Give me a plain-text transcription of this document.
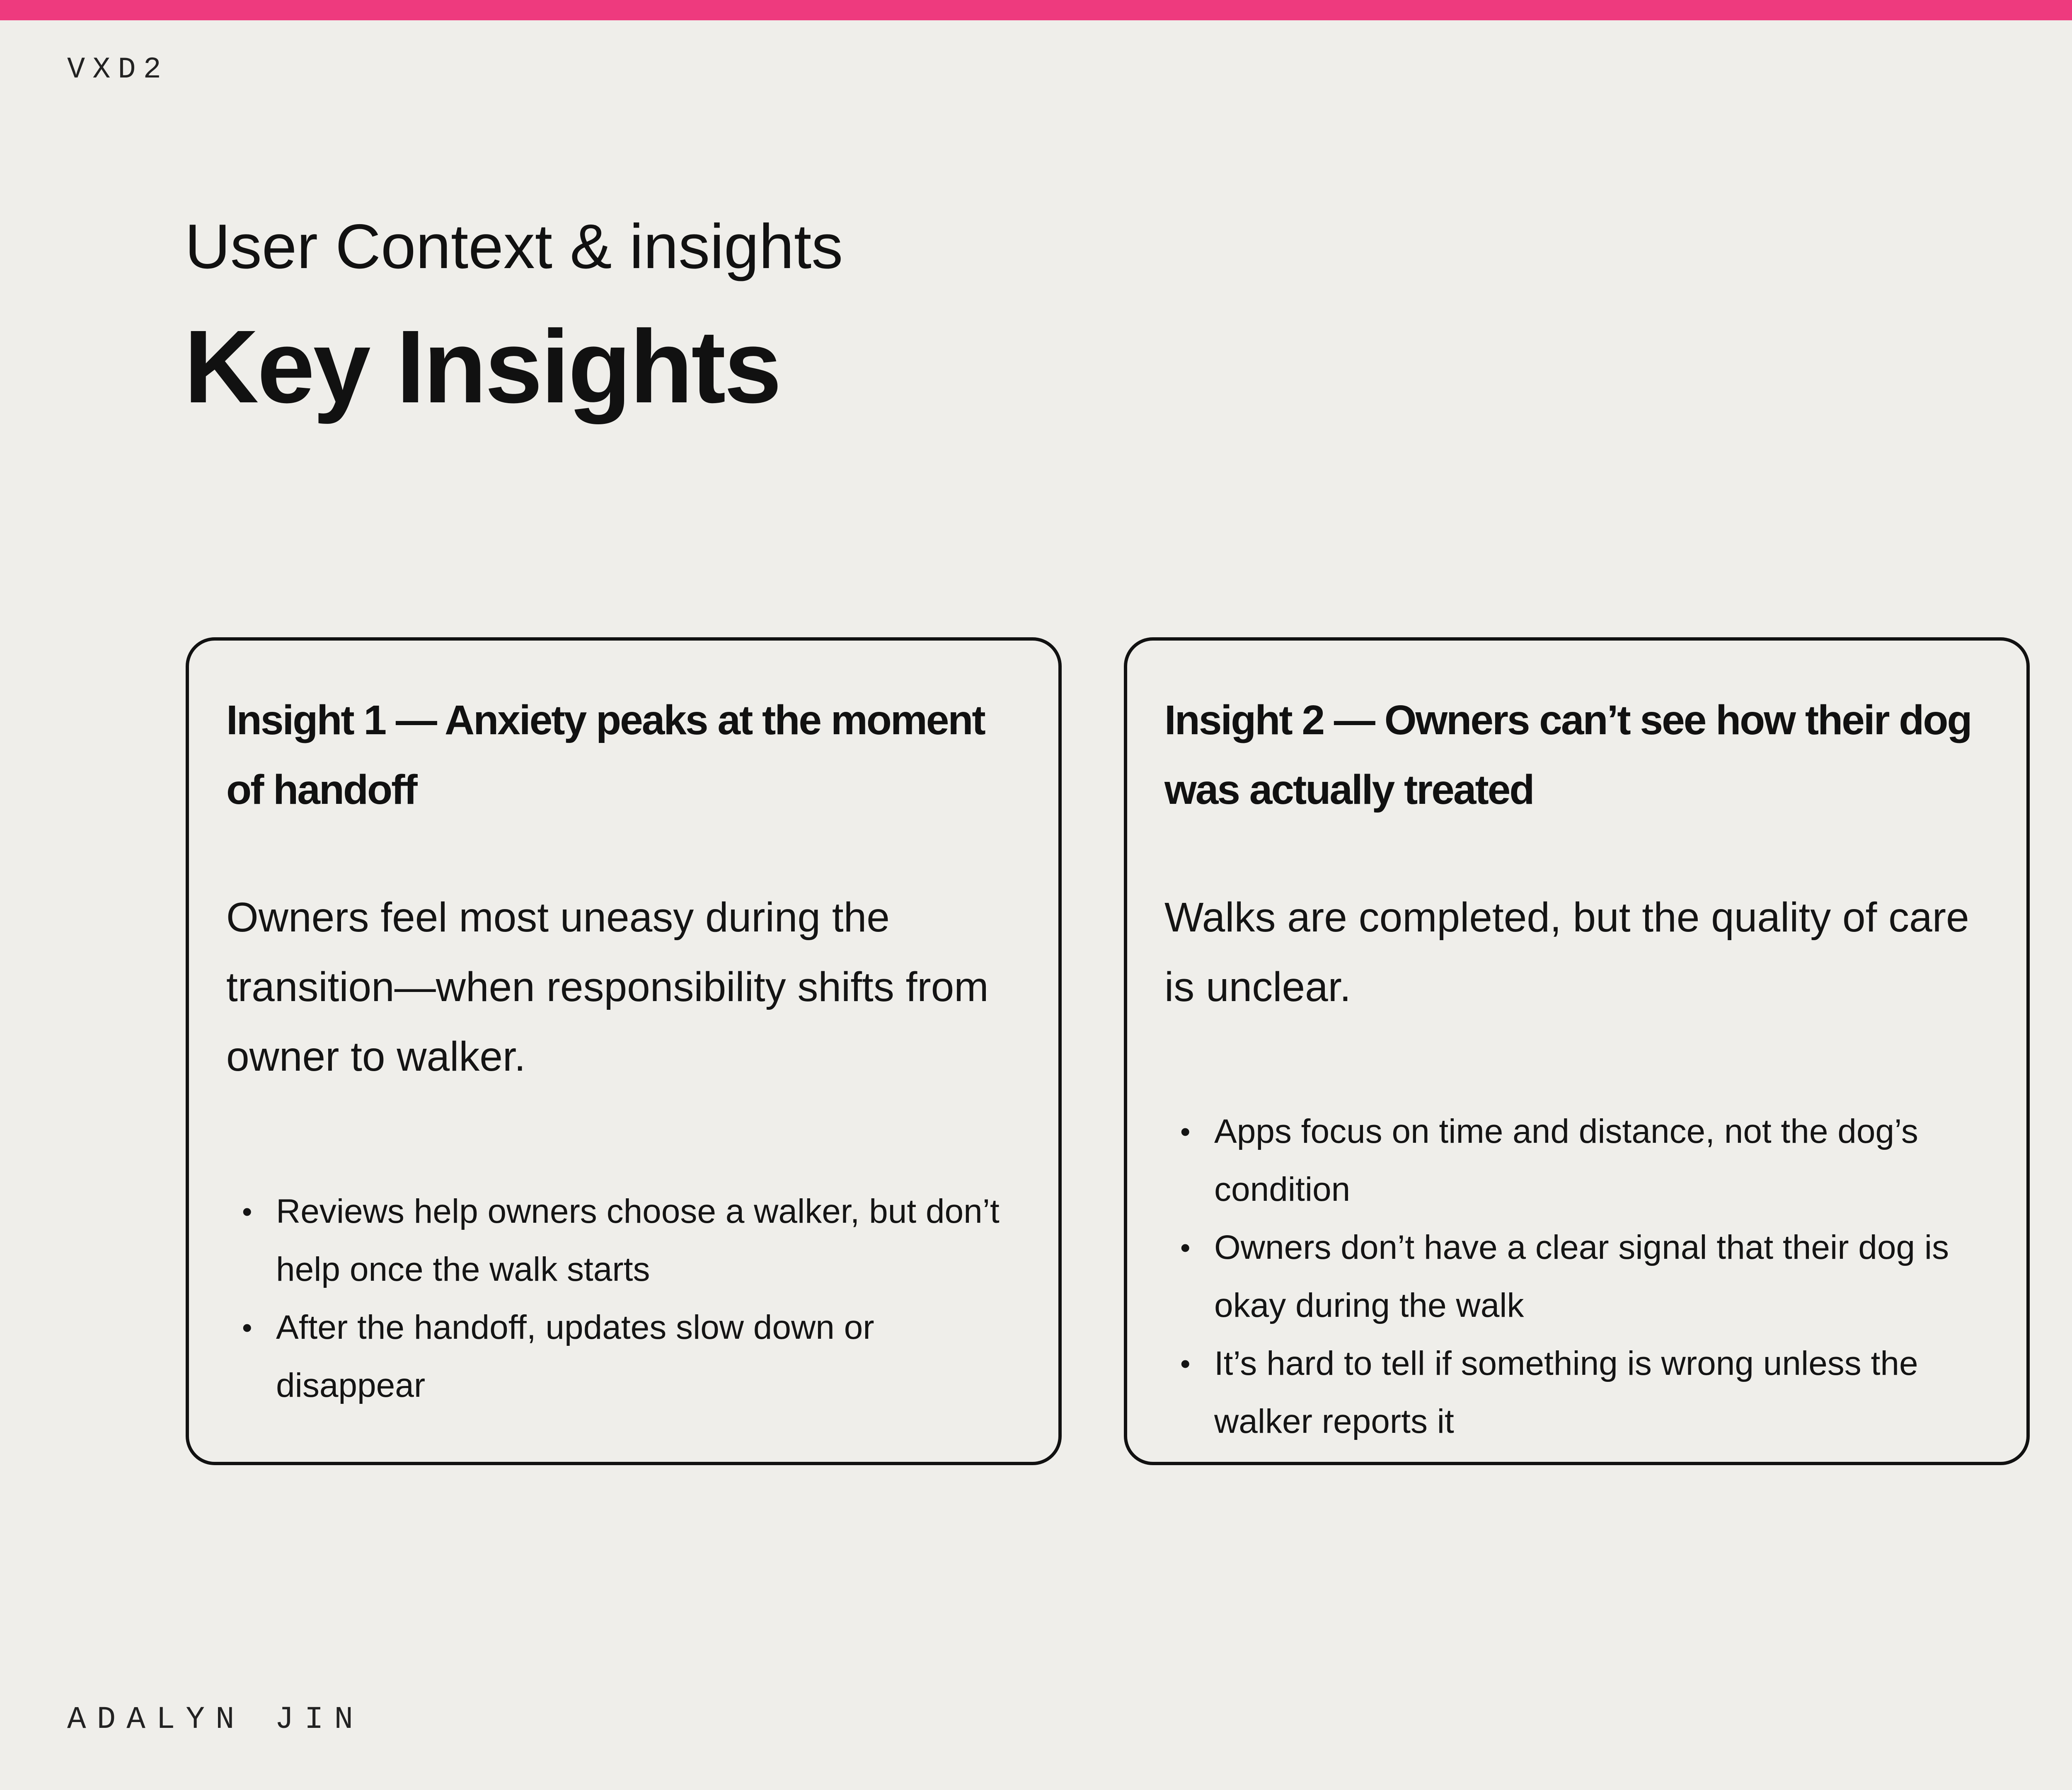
VXD2
User Context & insights
Key Insights
Insight 1 — Anxiety peaks at the moment of handoff

Owners feel most uneasy during the transition—when responsibility shifts from owner to walker.

• Reviews help owners choose a walker, but don’t help once the walk starts
• After the handoff, updates slow down or disappear
Insight 2 — Owners can’t see how their dog was actually treated

Walks are completed, but the quality of care is unclear.

• Apps focus on time and distance, not the dog’s condition
• Owners don’t have a clear signal that their dog is okay during the walk
• It’s hard to tell if something is wrong unless the walker reports it

ADALYN JIN
